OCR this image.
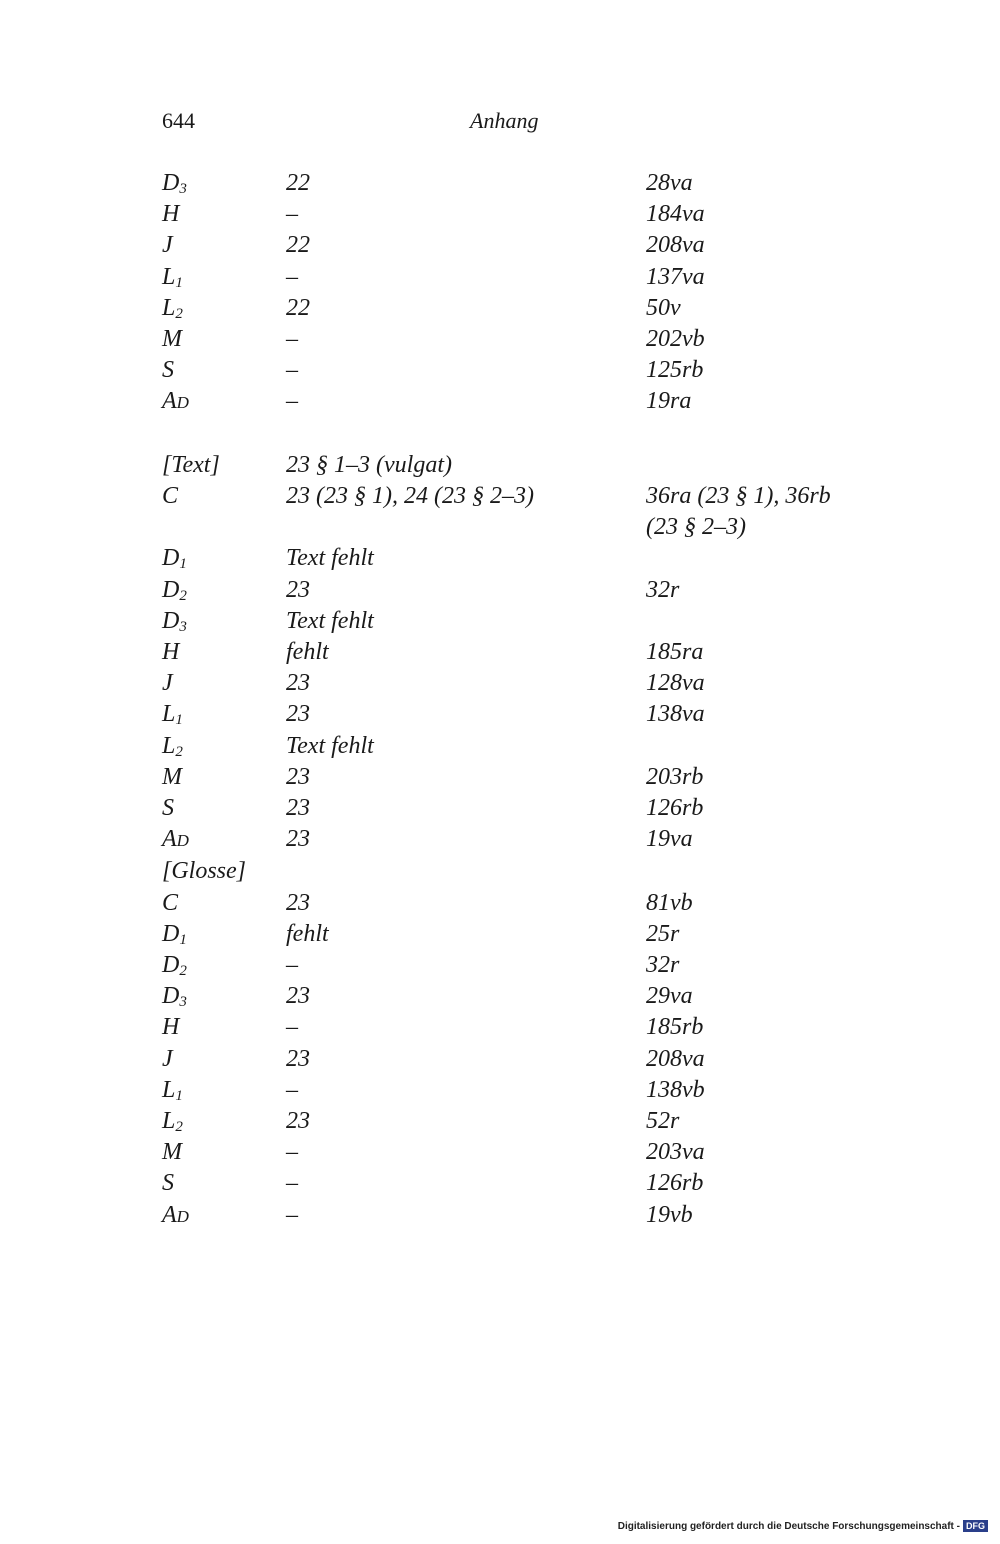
644	Anhang
$D_3$	22	28va
H	–	184va
J	22	208va
$L_1$	–	137va
$L_2$	22	50v
M	–	202vb
S	–	125rb
AD	–	19ra
[Text]	23 § 1–3 (vulgat)
C	23 (23 § 1), 24 (23 § 2–3)	36ra (23 § 1), 36rb
(23 § 2–3)
$D_1$	Text fehlt
$D_2$	23	32r
$D_3$	Text fehlt
H	fehlt	185ra
J	23	128va
$L_1$	23	138va
$L_2$	Text fehlt
M	23	203rb
S	23	126rb
AD	23	19va
[Glosse]
C	23	81vb
$D_1$	fehlt	25r
$D_2$	–	32r
$D_3$	23	29va
H	–	185rb
J	23	208va
$L_1$	–	138vb
$L_2$	23	52r
M	–	203va
S	–	126rb
AD	–	19vb
Digitalisierung gefördert durch die Deutsche Forschungsgemeinschaft - DFG
